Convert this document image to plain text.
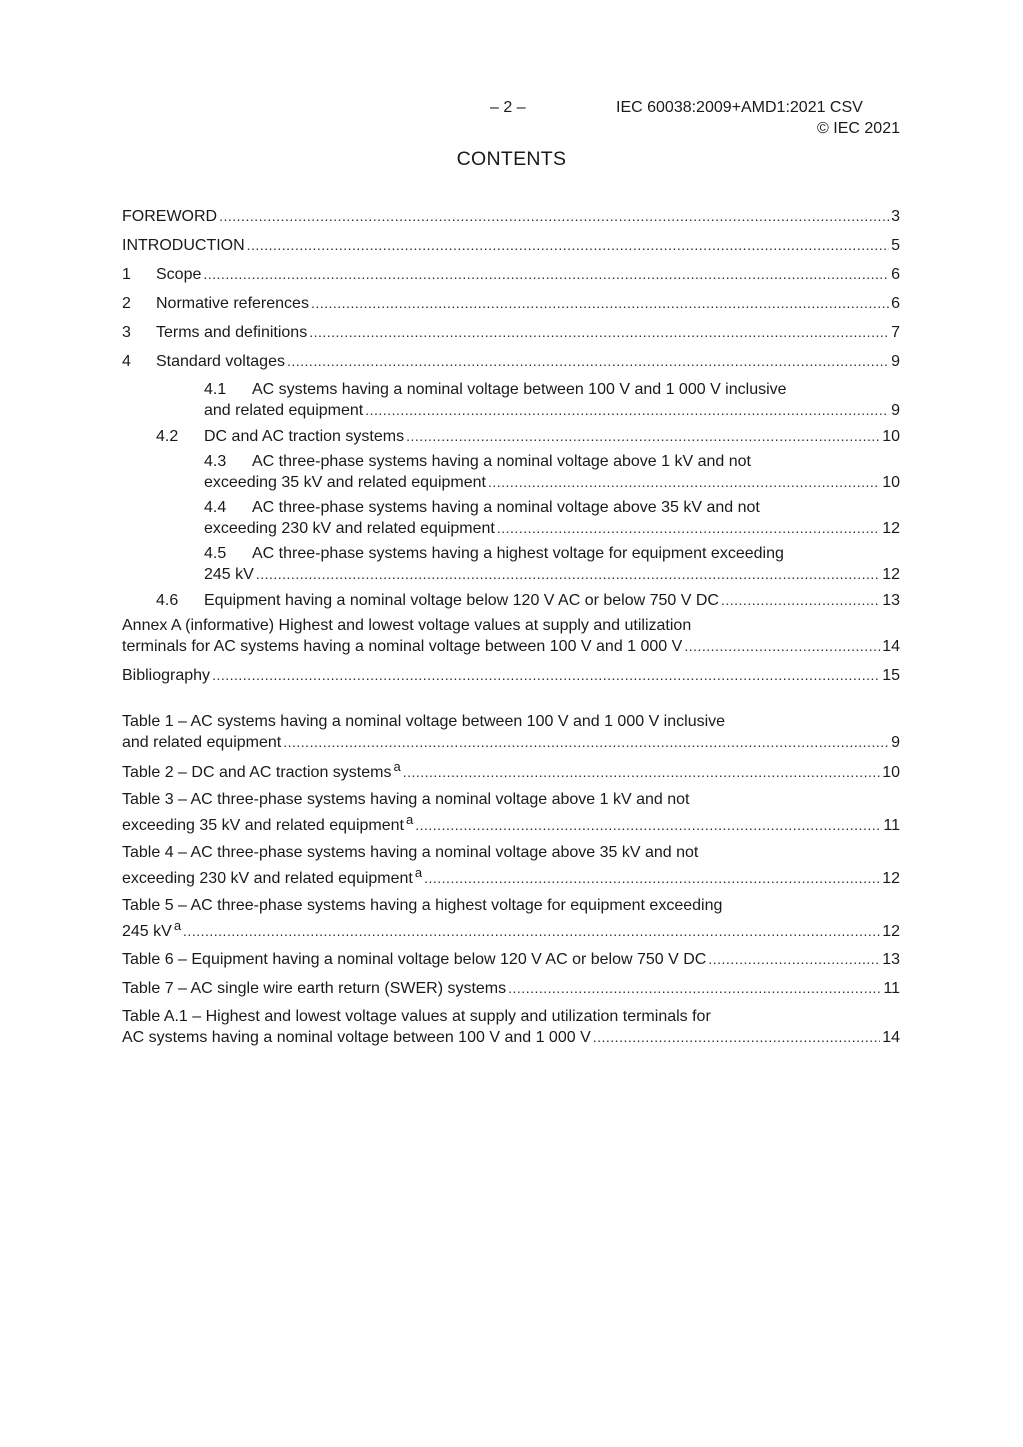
– 2 –	IEC 60038:2009+AMD1:2021 CSV
© IEC 2021
CONTENTS
FOREWORD .....	3
INTRODUCTION .....	5
1	Scope .....	6
2	Normative references .....	6
3	Terms and definitions .....	7
4	Standard voltages .....	9
4.1 AC systems having a nominal voltage between 100 V and 1 000 V inclusive
and related equipment .....	9
4.2	DC and AC traction systems .....	10
4.3 AC three-phase systems having a nominal voltage above 1 kV and not
exceeding 35 kV and related equipment .....	10
4.4 AC three-phase systems having a nominal voltage above 35 kV and not
exceeding 230 kV and related equipment .....	12
4.5 AC three-phase systems having a highest voltage for equipment exceeding
245 kV .....	12
4.6	Equipment having a nominal voltage below 120 V AC or below 750 V DC .....	13
Annex A (informative) Highest and lowest voltage values at supply and utilization
terminals for AC systems having a nominal voltage between 100 V and 1 000 V .....	14
Bibliography .....	15
Table 1 – AC systems having a nominal voltage between 100 V and 1 000 V inclusive
and related equipment .....	9
Table 2 – DC and AC traction systems a .....	10
Table 3 – AC three-phase systems having a nominal voltage above 1 kV and not
exceeding 35 kV and related equipment a .....	11
Table 4 – AC three-phase systems having a nominal voltage above 35 kV and not
exceeding 230 kV and related equipment a .....	12
Table 5 – AC three-phase systems having a highest voltage for equipment exceeding
245 kV a .....	12
Table 6 – Equipment having a nominal voltage below 120 V AC or below 750 V DC .....	13
Table 7 – AC single wire earth return (SWER) systems .....	11
Table A.1 – Highest and lowest voltage values at supply and utilization terminals for
AC systems having a nominal voltage between 100 V and 1 000 V .....	14
